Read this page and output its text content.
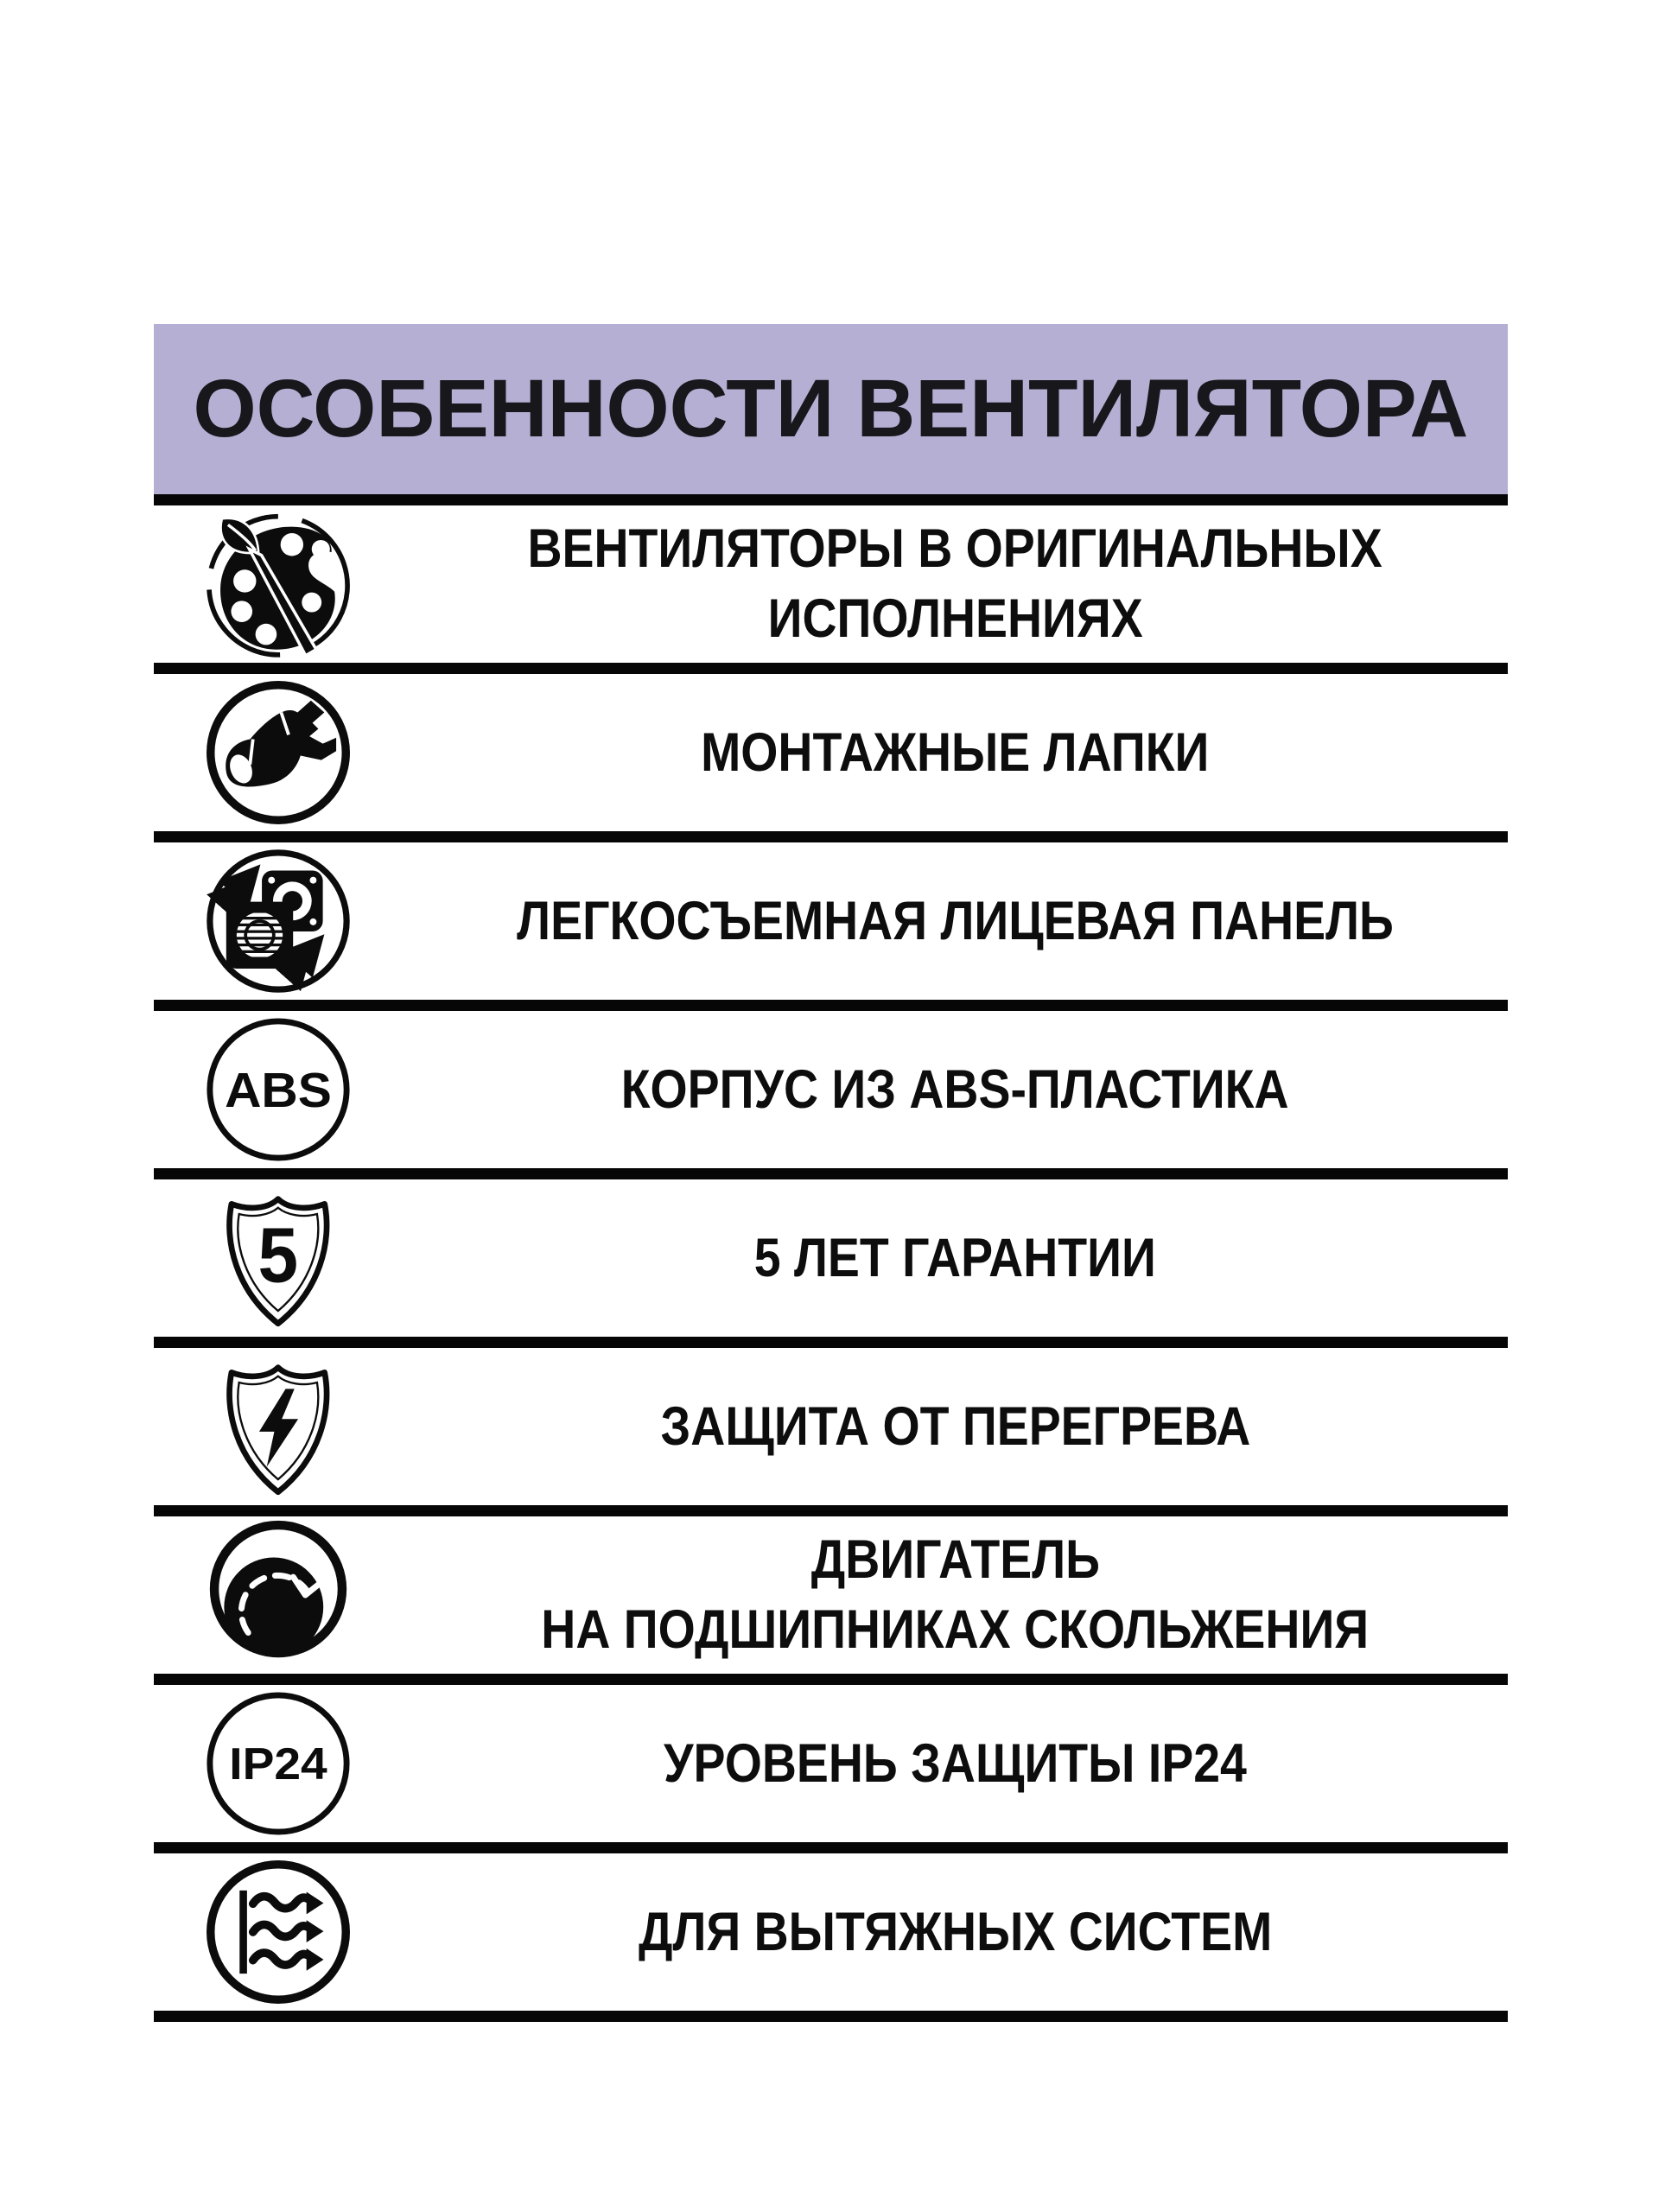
ОСОБЕННОСТИ ВЕНТИЛЯТОРА
ВЕНТИЛЯТОРЫ В ОРИГИНАЛЬНЫХ
ИСПОЛНЕНИЯХ
МОНТАЖНЫЕ ЛАПКИ
ЛЕГКОСЪЕМНАЯ ЛИЦЕВАЯ ПАНЕЛЬ
ABS	КОРПУС ИЗ ABS-ПЛАСТИКА
5	5 ЛЕТ ГАРАНТИИ
ЗАЩИТА ОТ ПЕРЕГРЕВА
ДВИГАТЕЛЬ
НА ПОДШИПНИКАХ СКОЛЬЖЕНИЯ
IP24	УРОВЕНЬ ЗАЩИТЫ IP24
ДЛЯ ВЫТЯЖНЫХ СИСТЕМ
